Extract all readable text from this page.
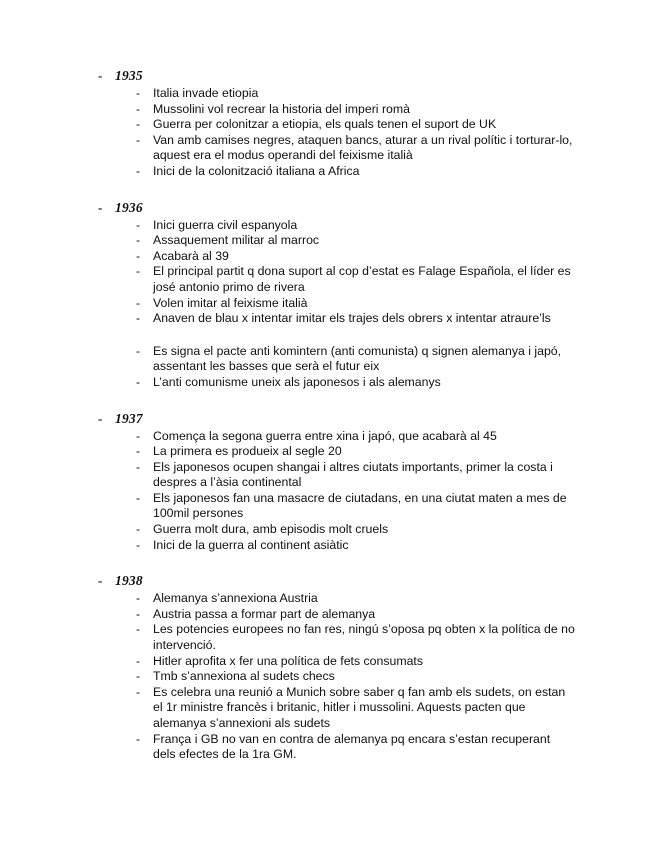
- 1935
- Italia invade etiopia
- Mussolini vol recrear la historia del imperi romà
- Guerra per colonitzar a etiopia, els quals tenen el suport de UK
- Van amb camises negres, ataquen bancs, aturar a un rival polític i torturar-lo, aquest era el modus operandi del feixisme italià
- Inici de la colonització italiana a Africa
- 1936
- Inici guerra civil espanyola
- Assaquement militar al marroc
- Acabarà al 39
- El principal partit q dona suport al cop d’estat es Falage Española, el líder es josé antonio primo de rivera
- Volen imitar al feixisme italià
- Anaven de blau x intentar imitar els trajes dels obrers x intentar atraure’ls
- Es signa el pacte anti komintern (anti comunista) q signen alemanya i japó, assentant les basses que serà el futur eix
- L’anti comunisme uneix als japonesos i als alemanys
- 1937
- Comença la segona guerra entre xina i japó, que acabarà al 45
- La primera es produeix al segle 20
- Els japonesos ocupen shangai i altres ciutats importants, primer la costa i despres a l’àsia continental
- Els japonesos fan una masacre de ciutadans, en una ciutat maten a mes de 100mil persones
- Guerra molt dura, amb episodis molt cruels
- Inici de la guerra al continent asiàtic
- 1938
- Alemanya s’annexiona Austria
- Austria passa a formar part de alemanya
- Les potencies europees no fan res, ningú s’oposa pq obten x la política de no intervenció.
- Hitler aprofita x fer una política de fets consumats
- Tmb s’annexiona al sudets checs
- Es celebra una reunió a Munich sobre saber q fan amb els sudets, on estan el 1r ministre francès i britanic, hitler i mussolini. Aquests pacten que alemanya s’annexioni als sudets
- França i GB no van en contra de alemanya pq encara s’estan recuperant dels efectes de la 1ra GM.
